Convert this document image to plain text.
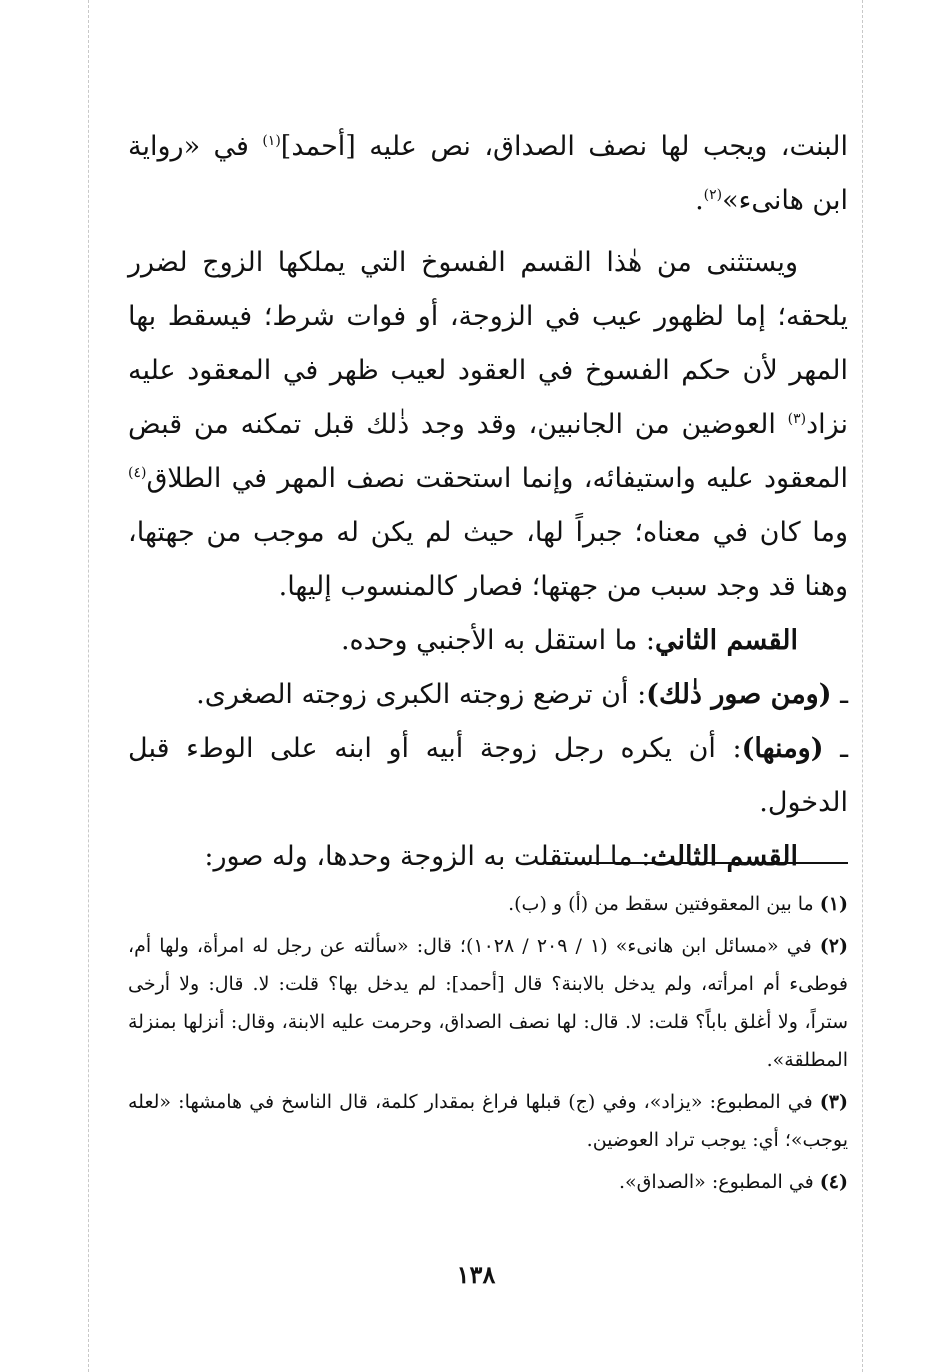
البنت، ويجب لها نصف الصداق، نص عليه [أحمد]$^{(١)}$ في «رواية ابن هانىء»$^{(٢)}$.

ويستثنى من هٰذا القسم الفسوخ التي يملكها الزوج لضرر يلحقه؛ إما لظهور عيب في الزوجة، أو فوات شرط؛ فيسقط بها المهر لأن حكم الفسوخ في العقود لعيب ظهر في المعقود عليه نزاد$^{(٣)}$ العوضين من الجانبين، وقد وجد ذٰلك قبل تمكنه من قبض المعقود عليه واستيفائه، وإنما استحقت نصف المهر في الطلاق$^{(٤)}$ وما كان في معناه؛ جبراً لها، حيث لم يكن له موجب من جهتها، وهنا قد وجد سبب من جهتها؛ فصار كالمنسوب إليها.

القسم الثاني: ما استقل به الأجنبي وحده.

ـ (ومن صور ذٰلك): أن ترضع زوجته الكبرى زوجته الصغرى.

ـ (ومنها): أن يكره رجل زوجة أبيه أو ابنه على الوطء قبل الدخول.

القسم الثالث: ما استقلت به الزوجة وحدها، وله صور:

(١) ما بين المعقوفتين سقط من (أ) و (ب).

(٢) في «مسائل ابن هانىء» (١ / ٢٠٩ / ١٠٢٨)؛ قال: «سألته عن رجل له امرأة، ولها أم، فوطىء أم امرأته، ولم يدخل بالابنة؟ قال [أحمد]: لم يدخل بها؟ قلت: لا. قال: ولا أرخى ستراً، ولا أغلق باباً؟ قلت: لا. قال: لها نصف الصداق، وحرمت عليه الابنة، وقال: أنزلها بمنزلة المطلقة».

(٣) في المطبوع: «يزاد»، وفي (ج) قبلها فراغ بمقدار كلمة، قال الناسخ في هامشها: «لعله يوجب»؛ أي: يوجب تراد العوضين.

(٤) في المطبوع: «الصداق».

١٣٨
